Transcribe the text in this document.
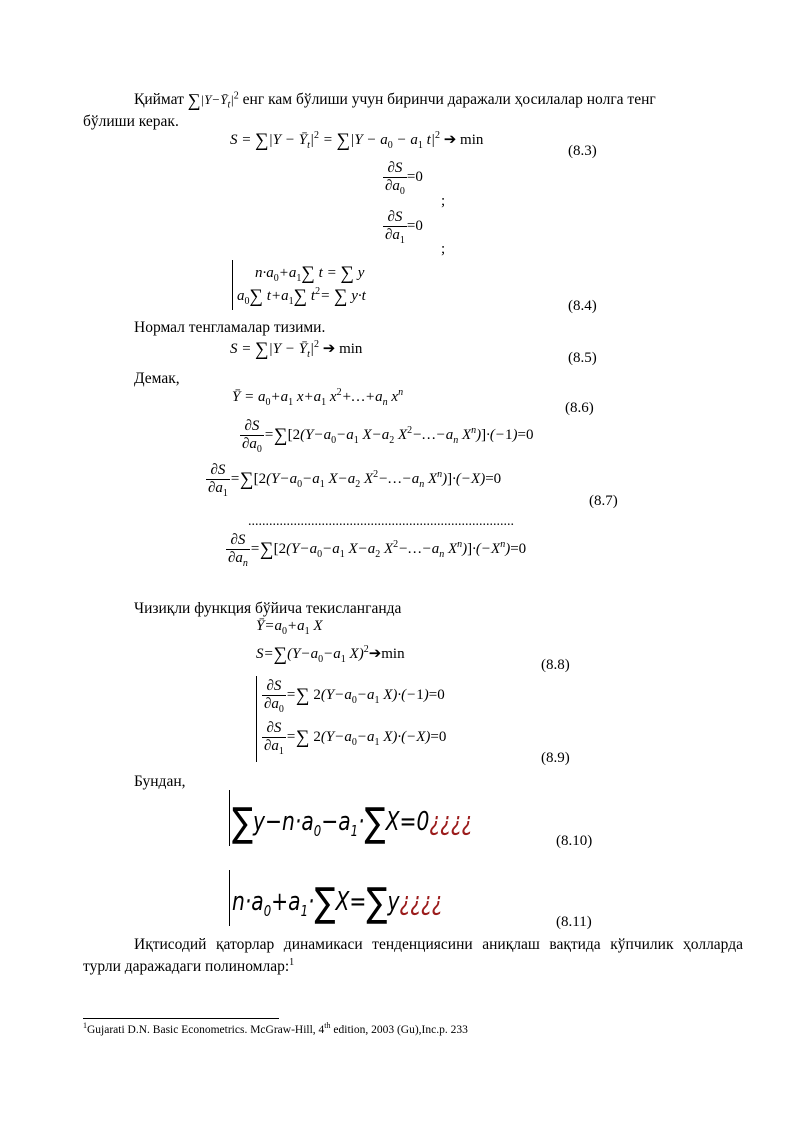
Қиймат $\sum|Y-Ȳ_t|^2$ енг кам бўлиши учун биринчи даражали ҳосилалар нолга тенг
бўлиши керак.
$S = \sum|Y - Ȳ_t|^2 = \sum|Y - a_0 - a_1$ $t|^2$ ➔ min
(8.3)
$\frac{\partial S}{\partial a_0} =0$
;
$\frac{\partial S}{\partial a_1} =0$
;
$n\cdot a_0+a_1\sum$ t = ∑ y
$a_0\sum$ $t+a_1\sum$ $t^2=$ ∑ y·t
(8.4)
Нормал тенгламалар тизими.
$S = \sum|Y - Ȳ_t|^2$ ➔ min
(8.5)
Демак,
Ȳ = $a_0+a_1$ $x+a_1$ $x^2+\dots+a_n$ $x^n$
(8.6)
$\frac{\partial S}{\partial a_0} =\sum[2(Y-a_0-a_1$ $X-a_2$ $X^2-\dots-a_n$ $X^n)]\cdot(-1)=0$
$\frac{\partial S}{\partial a_1} =\sum[2(Y-a_0-a_1$ $X-a_2$ $X^2-\dots-a_n$ $X^n)]\cdot(-X)=0$
(8.7)
............................................................................
$\frac{\partial S}{\partial a_n} =\sum[2(Y-a_0-a_1$ $X-a_2$ $X^2-\dots-a_n$ $X^n)]\cdot(-X^n)=0$
Чизиқли функция бўйича текислангандa
$Ȳ=a_0+a_1$ X
$S=\sum(Y-a_0-a_1$ X)$^2$➔min
(8.8)
$\frac{\partial S}{\partial a_0}$ =∑ $2(Y-a_0-a_1$ X)·(−1)=0
$\frac{\partial S}{\partial a_1}$ =∑ $2(Y-a_0-a_1$ X)·(−X)=0
(8.9)
Бундан,
$\sum y-n\cdot a_0-a_1\cdot\sum X=0¿¿¿¿$
(8.10)
$n\cdot a_0+a_1\cdot\sum X=\sum y¿¿¿¿$
(8.11)
Иқтисодий қаторлар динамикаси тенденциясини аниқлаш вақтида кўпчилик ҳолларда турли даражадаги полиномлар:$^1$
$^1$Gujarati D.N. Basic Econometrics. McGraw-Hill, 4th edition, 2003 (Gu),Inc.p. 233
